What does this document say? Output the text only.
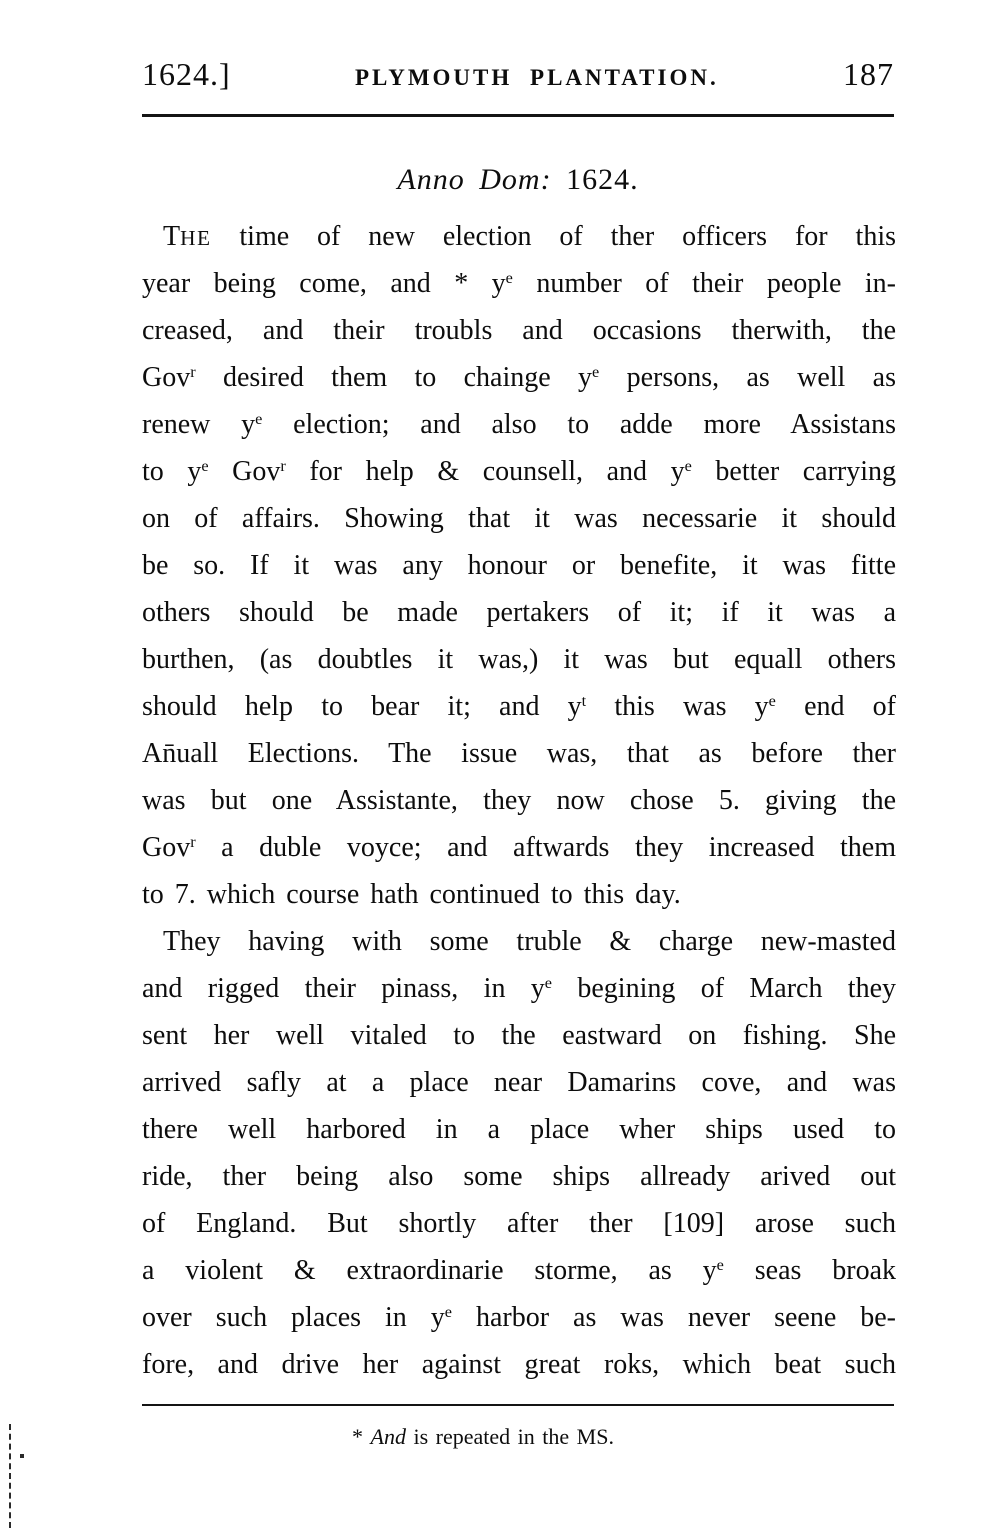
1624.]	PLYMOUTH PLANTATION.	187
Anno Dom: 1624.
THE time of new election of ther officers for this
year being come, and * $y^e$ number of their people in-
creased, and their troubls and occasions therwith, the
Gov$^r$ desired them to chainge $y^e$ persons, as well as
renew $y^e$ election; and also to adde more Assistans
to $y^e$ Gov$^r$ for help & counsell, and $y^e$ better carrying
on of affairs. Showing that it was necessarie it should
be so. If it was any honour or benefite, it was fitte
others should be made pertakers of it; if it was a
burthen, (as doubtles it was,) it was but equall others
should help to bear it; and $y^t$ this was $y^e$ end of
An̄uall Elections. The issue was, that as before ther
was but one Assistante, they now chose 5. giving the
Gov$^r$ a duble voyce; and aftwards they increased them
to 7. which course hath continued to this day.
They having with some truble & charge new-masted
and rigged their pinass, in $y^e$ begining of March they
sent her well vitaled to the eastward on fishing. She
arrived safly at a place near Damarins cove, and was
there well harbored in a place wher ships used to
ride, ther being also some ships allready arived out
of England. But shortly after ther [109] arose such
a violent & extraordinarie storme, as $y^e$ seas broak
over such places in $y^e$ harbor as was never seene be-
fore, and drive her against great roks, which beat such
* And is repeated in the MS.
